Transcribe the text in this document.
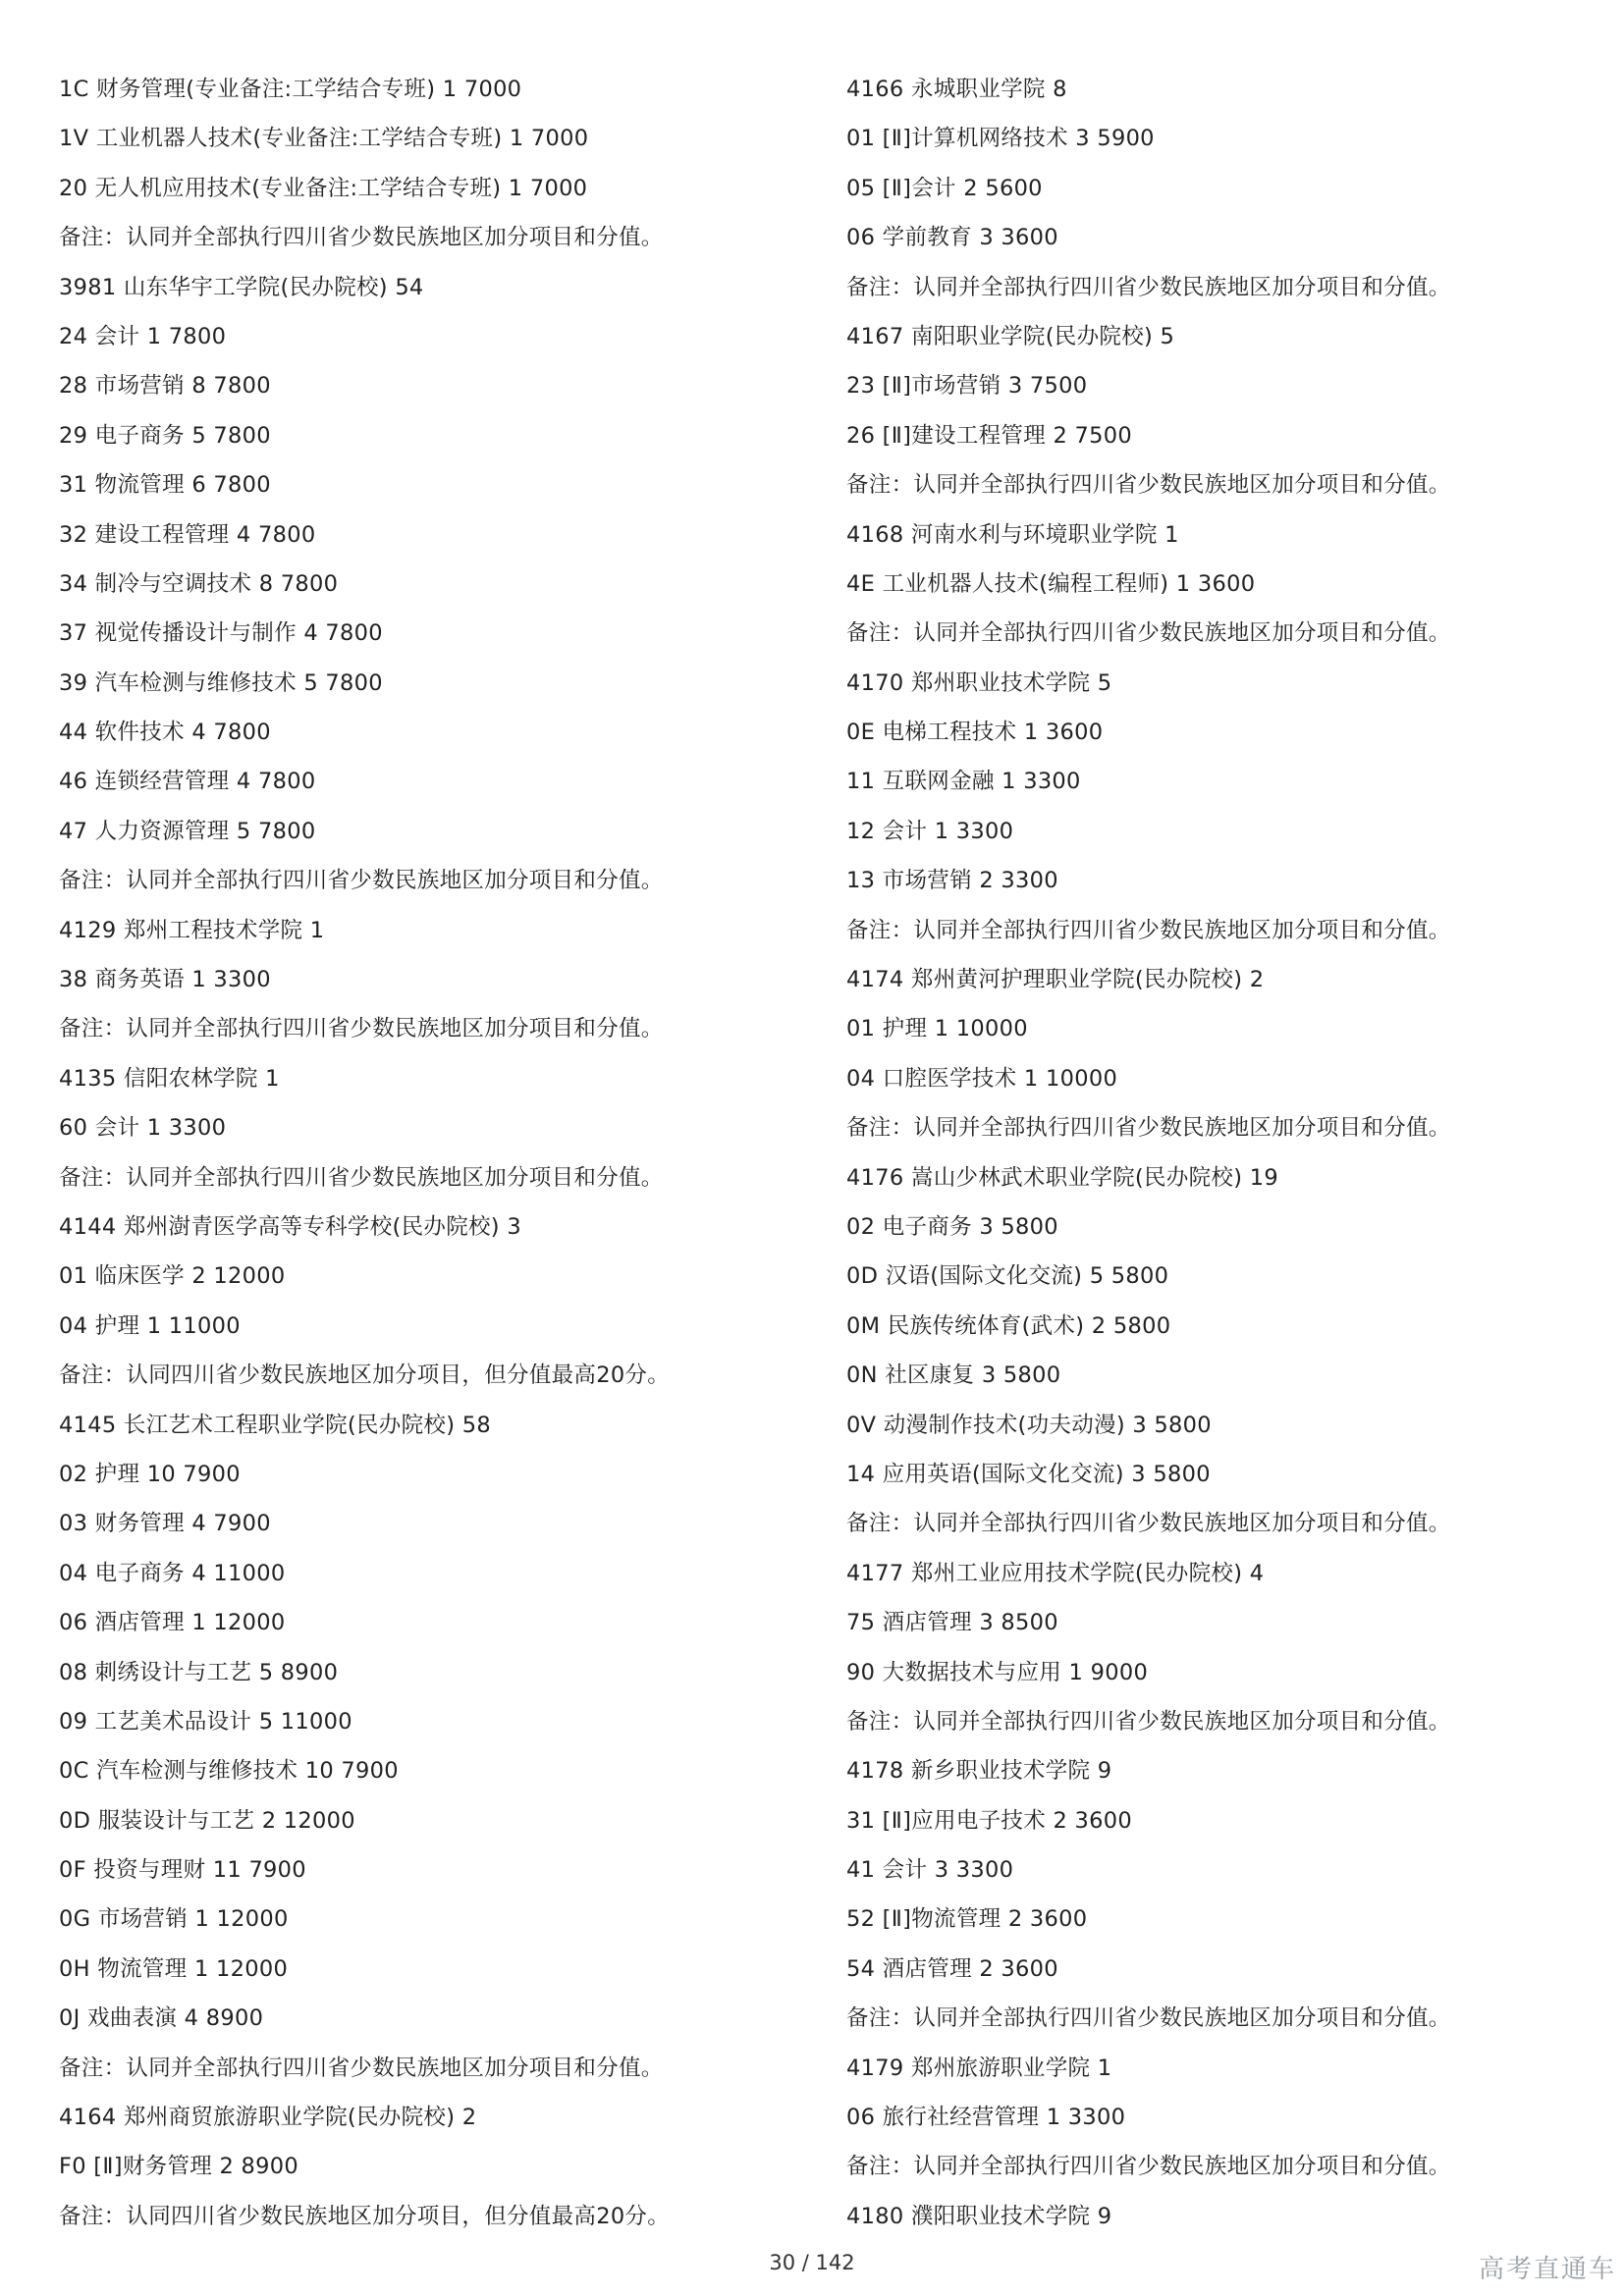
1C 财务管理(专业备注:工学结合专班) 1 7000
1V 工业机器人技术(专业备注:工学结合专班) 1 7000
20 无人机应用技术(专业备注:工学结合专班) 1 7000
备注：认同并全部执行四川省少数民族地区加分项目和分值。
3981 山东华宇工学院(民办院校) 54
24 会计 1 7800
28 市场营销 8 7800
29 电子商务 5 7800
31 物流管理 6 7800
32 建设工程管理 4 7800
34 制冷与空调技术 8 7800
37 视觉传播设计与制作 4 7800
39 汽车检测与维修技术 5 7800
44 软件技术 4 7800
46 连锁经营管理 4 7800
47 人力资源管理 5 7800
备注：认同并全部执行四川省少数民族地区加分项目和分值。
4129 郑州工程技术学院 1
38 商务英语 1 3300
备注：认同并全部执行四川省少数民族地区加分项目和分值。
4135 信阳农林学院 1
60 会计 1 3300
备注：认同并全部执行四川省少数民族地区加分项目和分值。
4144 郑州澍青医学高等专科学校(民办院校) 3
01 临床医学 2 12000
04 护理 1 11000
备注：认同四川省少数民族地区加分项目，但分值最高20分。
4145 长江艺术工程职业学院(民办院校) 58
02 护理 10 7900
03 财务管理 4 7900
04 电子商务 4 11000
06 酒店管理 1 12000
08 刺绣设计与工艺 5 8900
09 工艺美术品设计 5 11000
0C 汽车检测与维修技术 10 7900
0D 服装设计与工艺 2 12000
0F 投资与理财 11 7900
0G 市场营销 1 12000
0H 物流管理 1 12000
0J 戏曲表演 4 8900
备注：认同并全部执行四川省少数民族地区加分项目和分值。
4164 郑州商贸旅游职业学院(民办院校) 2
F0 [Ⅱ]财务管理 2 8900
备注：认同四川省少数民族地区加分项目，但分值最高20分。
4166 永城职业学院 8
01 [Ⅱ]计算机网络技术 3 5900
05 [Ⅱ]会计 2 5600
06 学前教育 3 3600
备注：认同并全部执行四川省少数民族地区加分项目和分值。
4167 南阳职业学院(民办院校) 5
23 [Ⅱ]市场营销 3 7500
26 [Ⅱ]建设工程管理 2 7500
备注：认同并全部执行四川省少数民族地区加分项目和分值。
4168 河南水利与环境职业学院 1
4E 工业机器人技术(编程工程师) 1 3600
备注：认同并全部执行四川省少数民族地区加分项目和分值。
4170 郑州职业技术学院 5
0E 电梯工程技术 1 3600
11 互联网金融 1 3300
12 会计 1 3300
13 市场营销 2 3300
备注：认同并全部执行四川省少数民族地区加分项目和分值。
4174 郑州黄河护理职业学院(民办院校) 2
01 护理 1 10000
04 口腔医学技术 1 10000
备注：认同并全部执行四川省少数民族地区加分项目和分值。
4176 嵩山少林武术职业学院(民办院校) 19
02 电子商务 3 5800
0D 汉语(国际文化交流) 5 5800
0M 民族传统体育(武术) 2 5800
0N 社区康复 3 5800
0V 动漫制作技术(功夫动漫) 3 5800
14 应用英语(国际文化交流) 3 5800
备注：认同并全部执行四川省少数民族地区加分项目和分值。
4177 郑州工业应用技术学院(民办院校) 4
75 酒店管理 3 8500
90 大数据技术与应用 1 9000
备注：认同并全部执行四川省少数民族地区加分项目和分值。
4178 新乡职业技术学院 9
31 [Ⅱ]应用电子技术 2 3600
41 会计 3 3300
52 [Ⅱ]物流管理 2 3600
54 酒店管理 2 3600
备注：认同并全部执行四川省少数民族地区加分项目和分值。
4179 郑州旅游职业学院 1
06 旅行社经营管理 1 3300
备注：认同并全部执行四川省少数民族地区加分项目和分值。
4180 濮阳职业技术学院 9
30 / 142	高考直通车
